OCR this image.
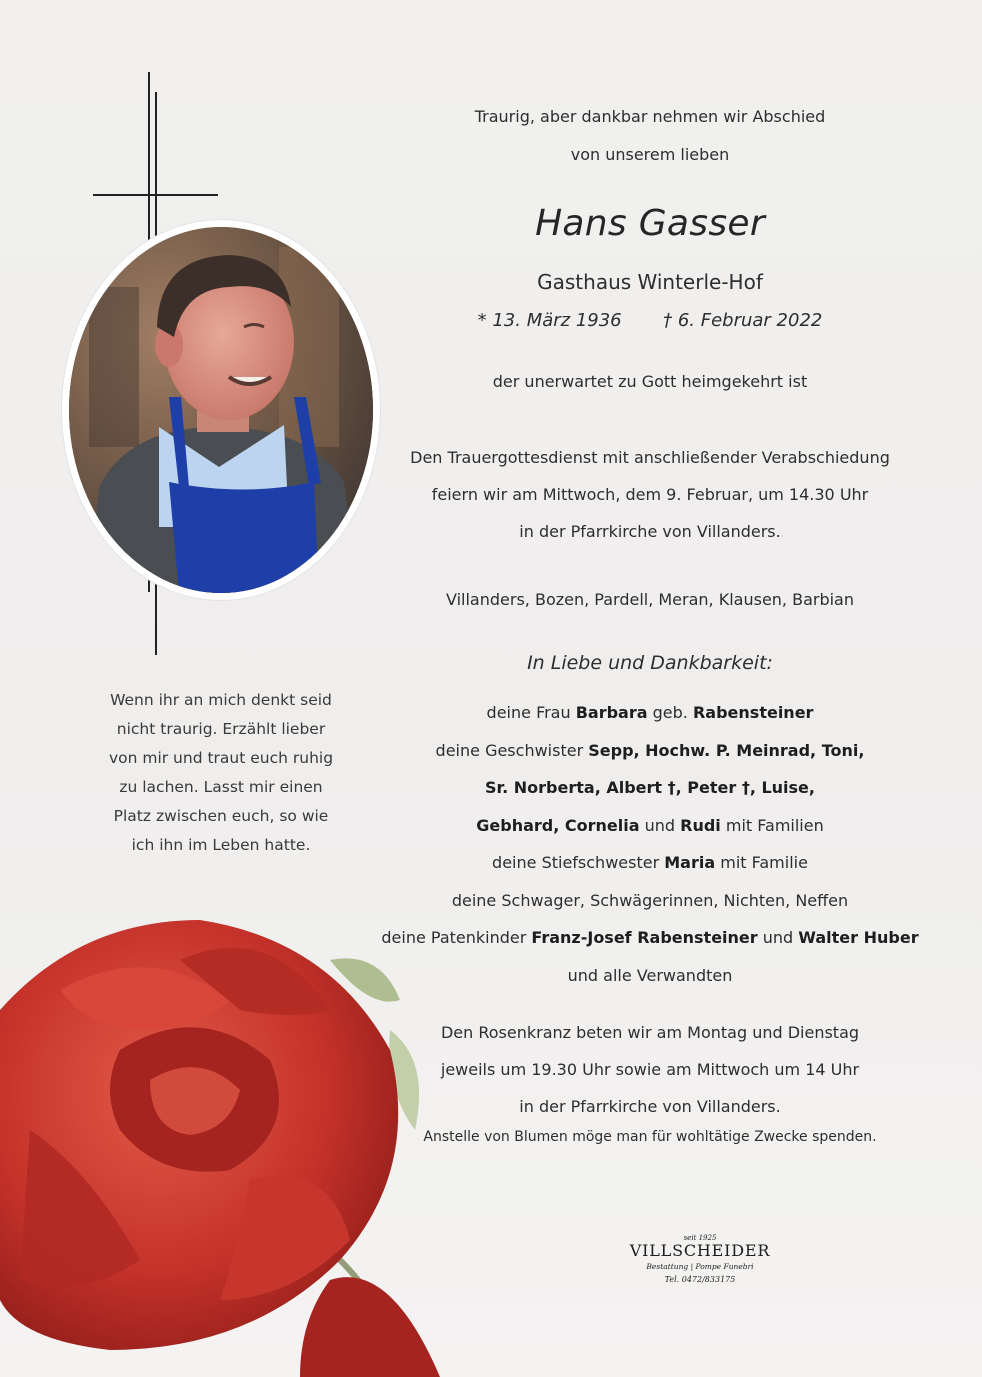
Wenn ihr an mich denkt seid
nicht traurig. Erzählt lieber
von mir und traut euch ruhig
zu lachen. Lasst mir einen
Platz zwischen euch, so wie
ich ihn im Leben hatte.
Traurig, aber dankbar nehmen wir Abschied
von unserem lieben
Hans Gasser
Gasthaus Winterle-Hof
* 13. März 1936 † 6. Februar 2022
der unerwartet zu Gott heimgekehrt ist
Den Trauergottesdienst mit anschließender Verabschiedung
feiern wir am Mittwoch, dem 9. Februar, um 14.30 Uhr
in der Pfarrkirche von Villanders.
Villanders, Bozen, Pardell, Meran, Klausen, Barbian
In Liebe und Dankbarkeit:
deine Frau Barbara geb. Rabensteiner
deine Geschwister Sepp, Hochw. P. Meinrad, Toni,
Sr. Norberta, Albert †, Peter †, Luise,
Gebhard, Cornelia und Rudi mit Familien
deine Stiefschwester Maria mit Familie
deine Schwager, Schwägerinnen, Nichten, Neffen
deine Patenkinder Franz-Josef Rabensteiner und Walter Huber
und alle Verwandten
Den Rosenkranz beten wir am Montag und Dienstag
jeweils um 19.30 Uhr sowie am Mittwoch um 14 Uhr
in der Pfarrkirche von Villanders.
Anstelle von Blumen möge man für wohltätige Zwecke spenden.
seit 1925
VILLSCHEIDER
Bestattung | Pompe Funebri
Tel. 0472/833175
